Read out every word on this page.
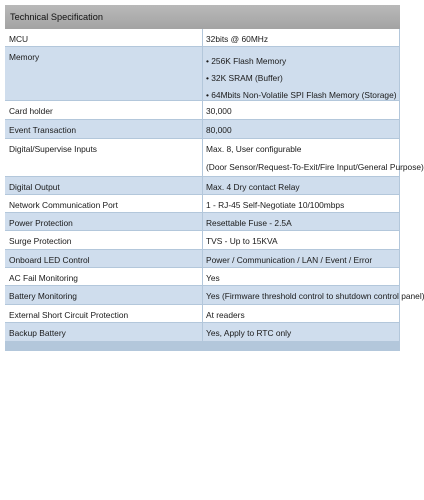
Technical Specification
MCU	32bits @ 60MHz
Memory	• 256K Flash Memory
• 32K SRAM (Buffer)
• 64Mbits Non-Volatile SPI Flash Memory (Storage)
Card holder	30,000
Event Transaction	80,000
Digital/Supervise Inputs	Max. 8, User configurable
(Door Sensor/Request-To-Exit/Fire Input/General Purpose)
Digital Output	Max. 4 Dry contact Relay
Network Communication Port	1 - RJ-45 Self-Negotiate 10/100mbps
Power Protection	Resettable Fuse - 2.5A
Surge Protection	TVS - Up to 15KVA
Onboard LED Control	Power / Communication / LAN / Event / Error
AC Fail Monitoring	Yes
Battery Monitoring	Yes (Firmware threshold control to shutdown control panel)
External Short Circuit Protection	At readers
Backup Battery	Yes, Apply to RTC only
